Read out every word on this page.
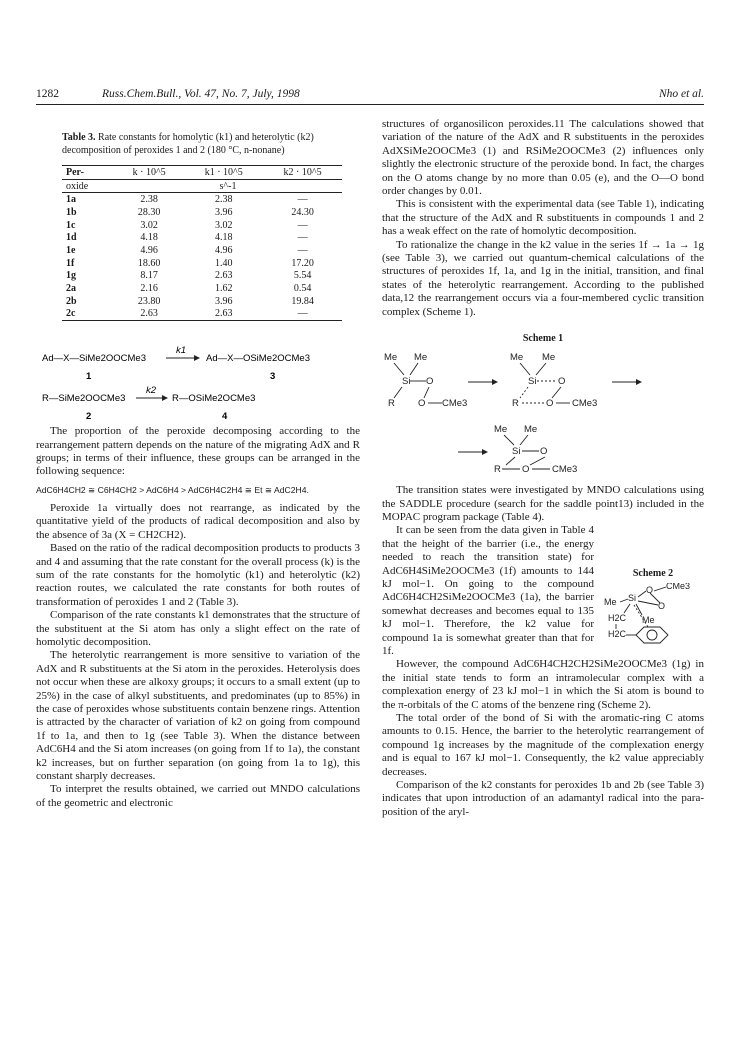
1282	Russ.Chem.Bull., Vol. 47, No. 7, July, 1998	Nho et al.
Table 3. Rate constants for homolytic (k1) and heterolytic (k2) decomposition of peroxides 1 and 2 (180 °C, n-nonane)
Per-	k · 10^5	k1 · 10^5	k2 · 10^5
oxide	s^-1		
1a	2.38	2.38	—
1b	28.30	3.96	24.30
1c	3.02	3.02	—
1d	4.18	4.18	—
1e	4.96	4.96	—
1f	18.60	1.40	17.20
1g	8.17	2.63	5.54
2a	2.16	1.62	0.54
2b	23.80	3.96	19.84
2c	2.63	2.63	—
Ad—X—SiMe2OOCMe3
k1
Ad—X—OSiMe2OCMe3
1	3
R—SiMe2OOCMe3
k2
R—OSiMe2OCMe3
2	4

The proportion of the peroxide decomposing according to the rearrangement pattern depends on the nature of the migrating AdX and R groups; in terms of their influence, these groups can be arranged in the following sequence:

AdC6H4CH2 ≅ C6H4CH2 > AdC6H4 > AdC6H4C2H4 ≅ Et ≅ AdC2H4.

Peroxide 1a virtually does not rearrange, as indicated by the quantitative yield of the products of radical decomposition and also by the absence of 3a (X = CH2CH2).

Based on the ratio of the radical decomposition products to products 3 and 4 and assuming that the rate constant for the overall process (k) is the sum of the rate constants for the homolytic (k1) and heterolytic (k2) reaction routes, we calculated the rate constants for both routes of transformation of peroxides 1 and 2 (Table 3).

Comparison of the rate constants k1 demonstrates that the structure of the substituent at the Si atom has only a slight effect on the rate of homolytic decomposition.

The heterolytic rearrangement is more sensitive to variation of the AdX and R substituents at the Si atom in the peroxides. Heterolysis does not occur when these are alkoxy groups; it occurs to a small extent (up to 25%) in the case of alkyl substituents, and predominates (up to 85%) in the case of peroxides whose substituents contain benzene rings. Attention is attracted by the character of variation of k2 on going from compound 1f to 1a, and then to 1g (see Table 3). When the distance between AdC6H4 and the Si atom increases (on going from 1f to 1a), the constant k2 increases, but on further separation (on going from 1a to 1g), this constant sharply decreases.

To interpret the results obtained, we carried out MNDO calculations of the geometric and electronic

structures of organosilicon peroxides.11 The calculations showed that variation of the nature of the AdX and R substituents in the peroxides AdXSiMe2OOCMe3 (1) and RSiMe2OOCMe3 (2) influences only slightly the electronic structure of the peroxide bond. In fact, the charges on the O atoms change by no more than 0.05 (e), and the O—O bond order changes by 0.01.

This is consistent with the experimental data (see Table 1), indicating that the structure of the AdX and R substituents in compounds 1 and 2 has a weak effect on the rate of homolytic decomposition.

To rationalize the change in the k2 value in the series 1f → 1a → 1g (see Table 3), we carried out quantum-chemical calculations of the structures of peroxides 1f, 1a, and 1g in the initial, transition, and final states of the heterolytic rearrangement. According to the published data,12 the rearrangement occurs via a four-membered cyclic transition complex (Scheme 1).

Scheme 1
Me Me
Si O
R O CMe3
Me Me
Si O
R	O CMe3
Me Me
Si O
R O CMe3

The transition states were investigated by MNDO calculations using the SADDLE procedure (search for the saddle point13) included in the MOPAC program package (Table 4).

Scheme 2
O CMe3
Me Si
O
H2C Me
H2C

It can be seen from the data given in Table 4 that the height of the barrier (i.e., the energy needed to reach the transition state) for AdC6H4SiMe2OOCMe3 (1f) amounts to 144 kJ mol−1. On going to the compound AdC6H4CH2SiMe2OOCMe3 (1a), the barrier somewhat decreases and becomes equal to 135 kJ mol−1. Therefore, the k2 value for compound 1a is somewhat greater than that for 1f.

However, the compound AdC6H4CH2CH2SiMe2OOCMe3 (1g) in the initial state tends to form an intramolecular complex with a complexation energy of 23 kJ mol−1 in which the Si atom is bound to the π-orbitals of the C atoms of the benzene ring (Scheme 2).

The total order of the bond of Si with the aromatic-ring C atoms amounts to 0.15. Hence, the barrier to the heterolytic rearrangement of compound 1g increases by the magnitude of the complexation energy and is equal to 167 kJ mol−1. Consequently, the k2 value appreciably decreases.

Comparison of the k2 constants for peroxides 1b and 2b (see Table 3) indicates that upon introduction of an adamantyl radical into the para-position of the aryl-
